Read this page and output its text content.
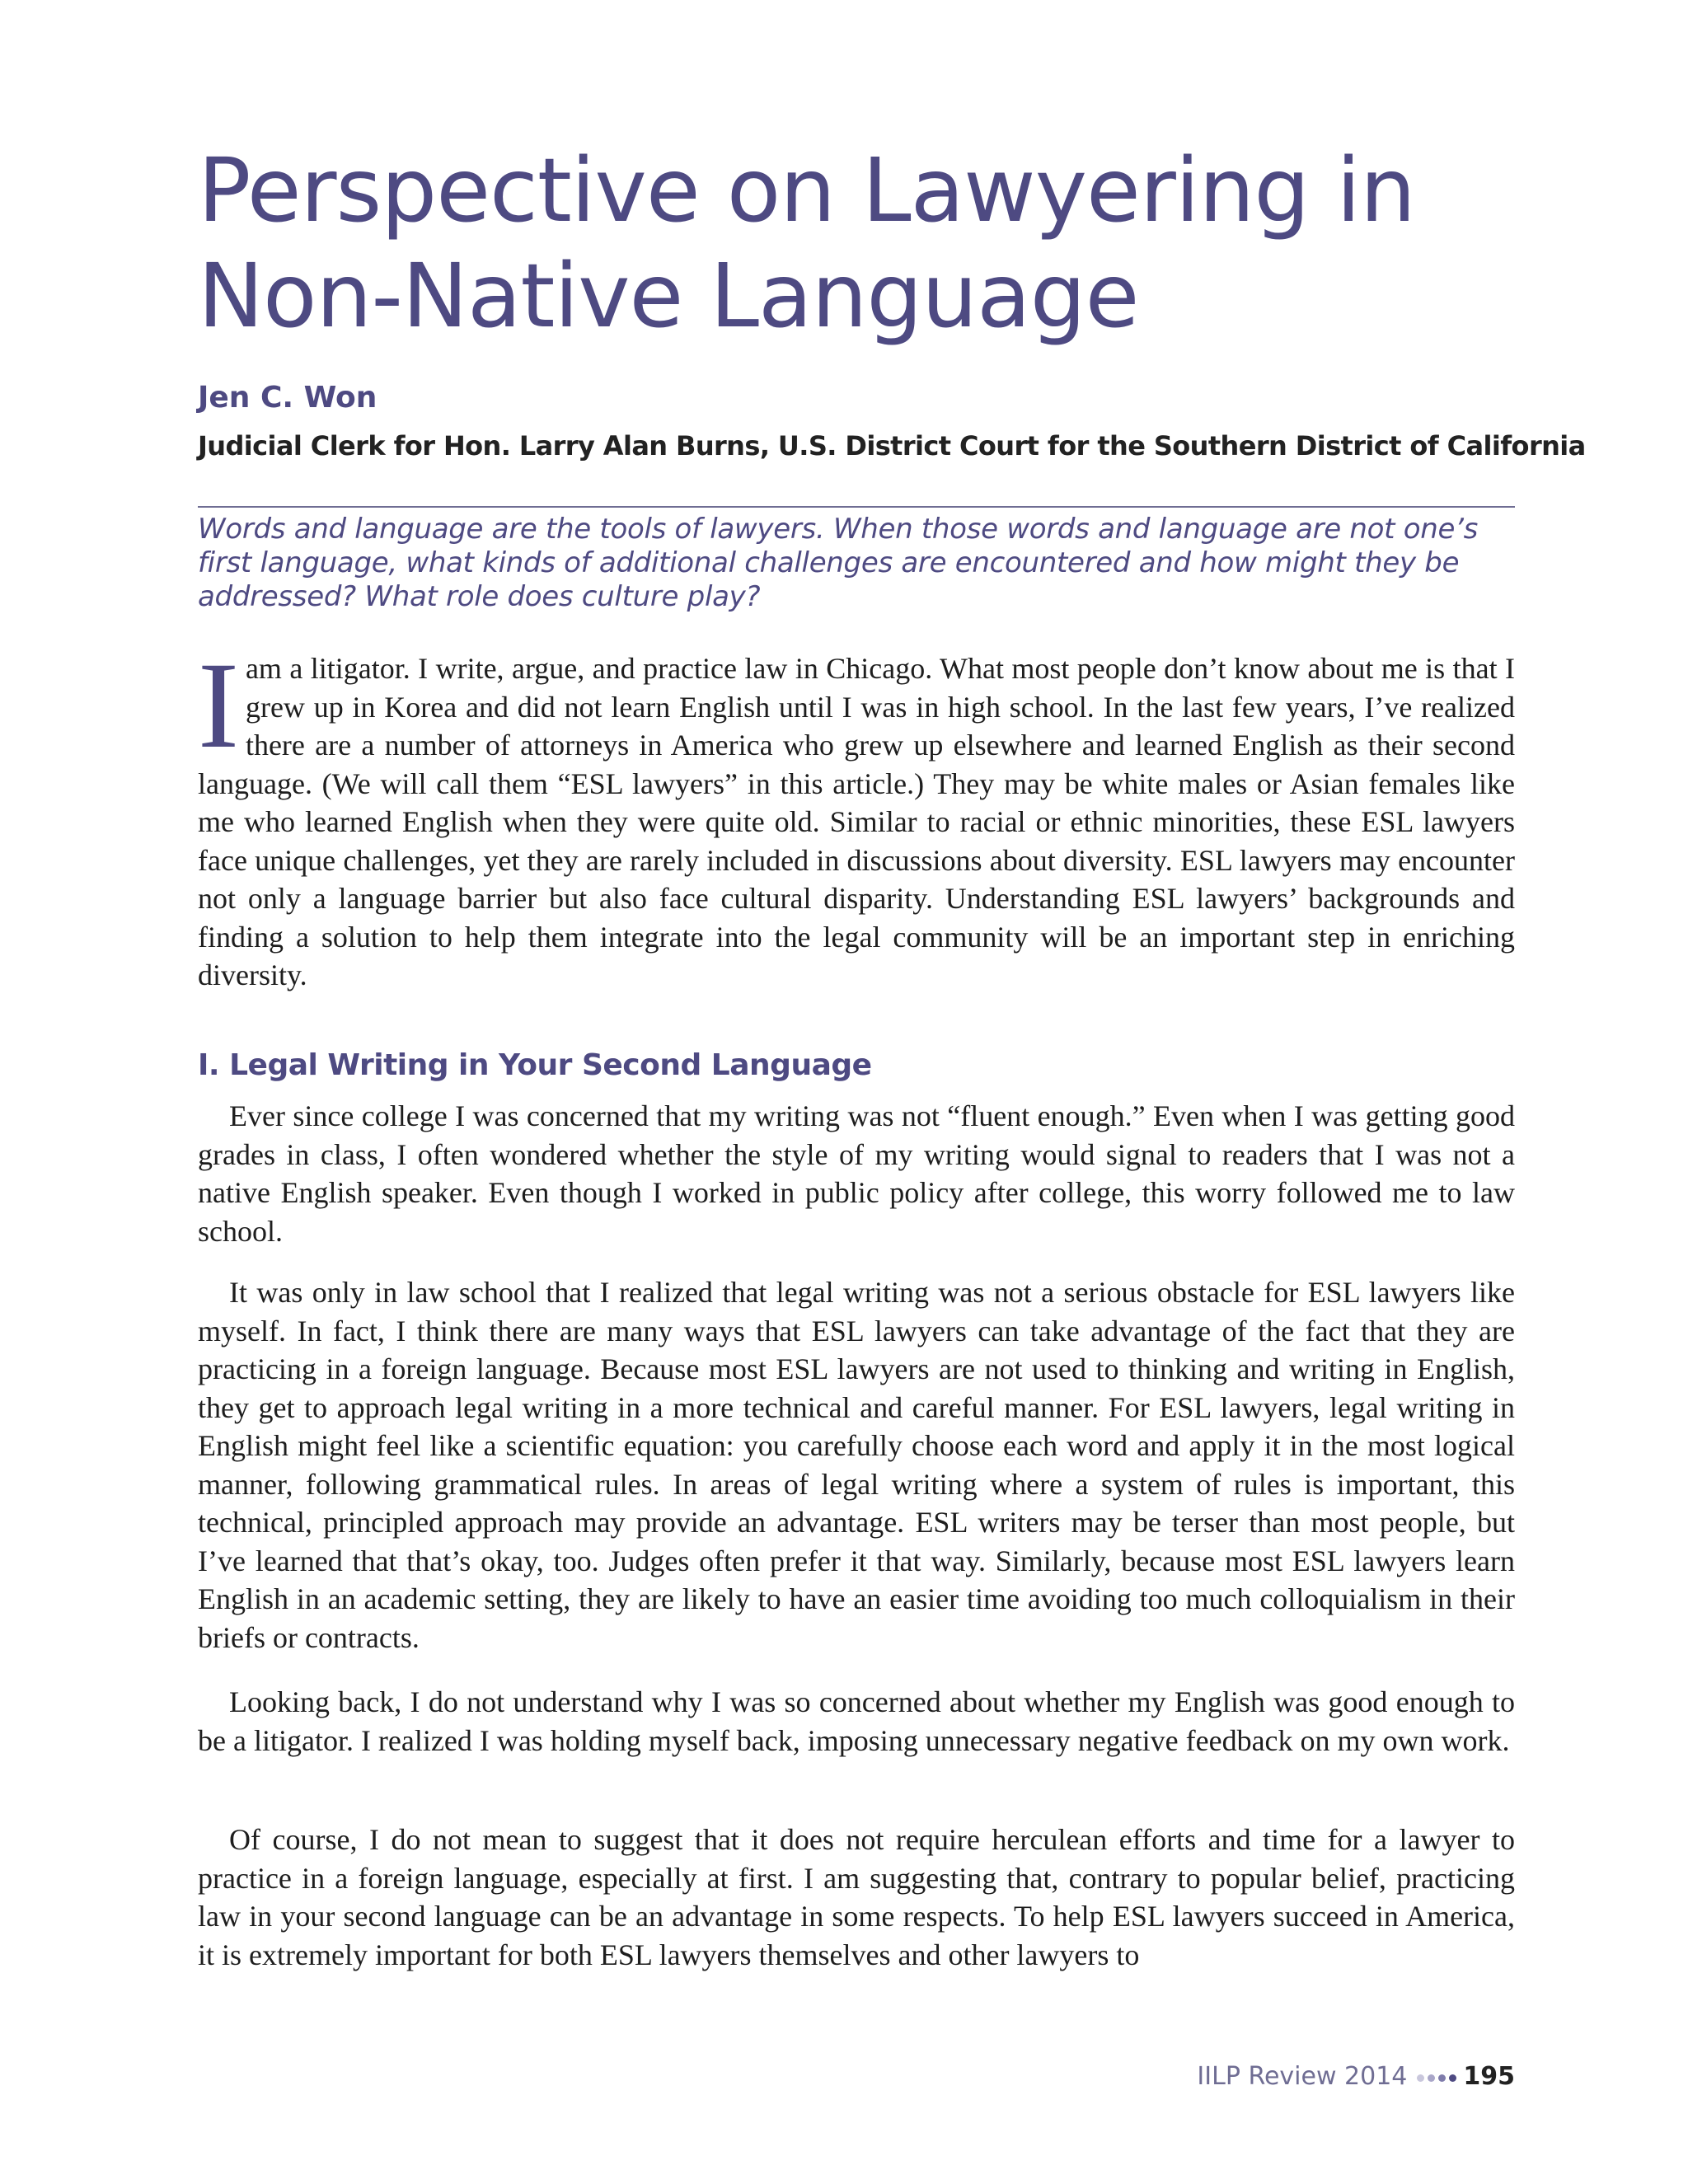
Perspective on Lawyering in
Non-Native Language
Jen C. Won
Judicial Clerk for Hon. Larry Alan Burns, U.S. District Court for the Southern District of California

Words and language are the tools of lawyers. When those words and language are not one’s first language, what kinds of additional challenges are encountered and how might they be addressed? What role does culture play?

Iam a litigator. I write, argue, and practice law in Chicago. What most people don’t know about me is that I grew up in Korea and did not learn English until I was in high school. In the last few years, I’ve realized there are a number of attorneys in America who grew up elsewhere and learned English as their second language. (We will call them “ESL lawyers” in this article.) They may be white males or Asian females like me who learned English when they were quite old. Similar to racial or ethnic minorities, these ESL lawyers face unique challenges, yet they are rarely included in discussions about diversity. ESL lawyers may encounter not only a language barrier but also face cultural disparity. Understanding ESL lawyers’ backgrounds and finding a solution to help them integrate into the legal community will be an important step in enriching diversity.

I. Legal Writing in Your Second Language

Ever since college I was concerned that my writing was not “fluent enough.” Even when I was getting good grades in class, I often wondered whether the style of my writing would signal to readers that I was not a native English speaker. Even though I worked in public policy after college, this worry followed me to law school.

It was only in law school that I realized that legal writing was not a serious obstacle for ESL lawyers like myself. In fact, I think there are many ways that ESL lawyers can take advantage of the fact that they are practicing in a foreign language. Because most ESL lawyers are not used to thinking and writing in English, they get to approach legal writing in a more technical and careful manner. For ESL lawyers, legal writing in English might feel like a scientific equation: you carefully choose each word and apply it in the most logical manner, following grammatical rules. In areas of legal writing where a system of rules is important, this technical, principled approach may provide an advantage. ESL writers may be terser than most people, but I’ve learned that that’s okay, too. Judges often prefer it that way. Similarly, because most ESL lawyers learn English in an academic setting, they are likely to have an easier time avoiding too much colloquialism in their briefs or contracts.

Looking back, I do not understand why I was so concerned about whether my English was good enough to be a litigator. I realized I was holding myself back, imposing unnecessary negative feedback on my own work.

Of course, I do not mean to suggest that it does not require herculean efforts and time for a lawyer to practice in a foreign language, especially at first. I am suggesting that, contrary to popular belief, practicing law in your second language can be an advantage in some respects. To help ESL lawyers succeed in America, it is extremely important for both ESL lawyers themselves and other lawyers to

IILP Review 2014 195
